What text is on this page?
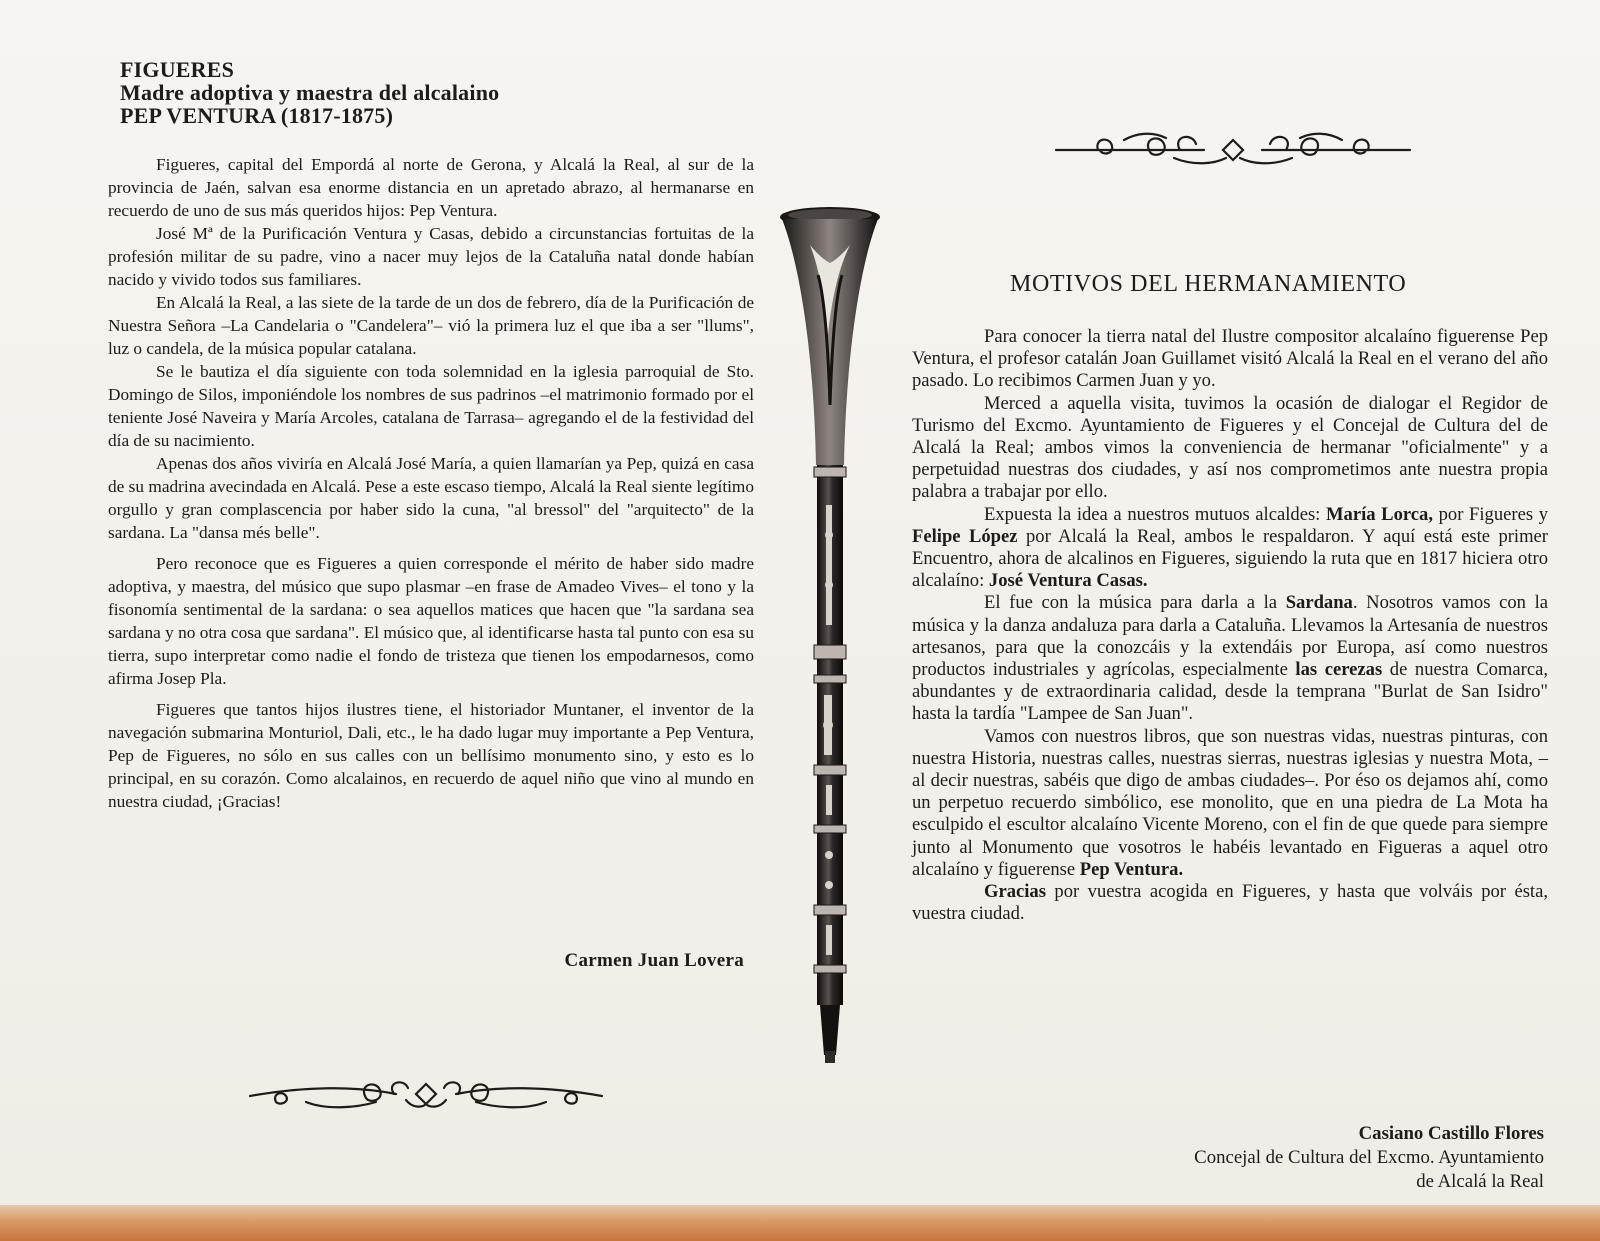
FIGUERES
Madre adoptiva y maestra del alcalaino
PEP VENTURA (1817-1875)

Figueres, capital del Empordá al norte de Gerona, y Alcalá la Real, al sur de la provincia de Jaén, salvan esa enorme distancia en un apretado abrazo, al hermanarse en recuerdo de uno de sus más queridos hijos: Pep Ventura.

José Mª de la Purificación Ventura y Casas, debido a circunstancias fortuitas de la profesión militar de su padre, vino a nacer muy lejos de la Cataluña natal donde habían nacido y vivido todos sus familiares.

En Alcalá la Real, a las siete de la tarde de un dos de febrero, día de la Purificación de Nuestra Señora –La Candelaria o "Candelera"– vió la primera luz el que iba a ser "llums", luz o candela, de la música popular catalana.

Se le bautiza el día siguiente con toda solemnidad en la iglesia parroquial de Sto. Domingo de Silos, imponiéndole los nombres de sus padrinos –el matrimonio formado por el teniente José Naveira y María Arcoles, catalana de Tarrasa– agregando el de la festividad del día de su nacimiento.

Apenas dos años viviría en Alcalá José María, a quien llamarían ya Pep, quizá en casa de su madrina avecindada en Alcalá. Pese a este escaso tiempo, Alcalá la Real siente legítimo orgullo y gran complascencia por haber sido la cuna, "al bressol" del "arquitecto" de la sardana. La "dansa més belle".

Pero reconoce que es Figueres a quien corresponde el mérito de haber sido madre adoptiva, y maestra, del músico que supo plasmar –en frase de Amadeo Vives– el tono y la fisonomía sentimental de la sardana: o sea aquellos matices que hacen que "la sardana sea sardana y no otra cosa que sardana". El músico que, al identificarse hasta tal punto con esa su tierra, supo interpretar como nadie el fondo de tristeza que tienen los empodarnesos, como afirma Josep Pla.

Figueres que tantos hijos ilustres tiene, el historiador Muntaner, el inventor de la navegación submarina Monturiol, Dali, etc., le ha dado lugar muy importante a Pep Ventura, Pep de Figueres, no sólo en sus calles con un bellísimo monumento sino, y esto es lo principal, en su corazón. Como alcalainos, en recuerdo de aquel niño que vino al mundo en nuestra ciudad, ¡Gracias!

Carmen Juan Lovera
MOTIVOS DEL HERMANAMIENTO

Para conocer la tierra natal del Ilustre compositor alcalaíno figuerense Pep Ventura, el profesor catalán Joan Guillamet visitó Alcalá la Real en el verano del año pasado. Lo recibimos Carmen Juan y yo.

Merced a aquella visita, tuvimos la ocasión de dialogar el Regidor de Turismo del Excmo. Ayuntamiento de Figueres y el Concejal de Cultura del de Alcalá la Real; ambos vimos la conveniencia de hermanar "oficialmente" y a perpetuidad nuestras dos ciudades, y así nos comprometimos ante nuestra propia palabra a trabajar por ello.

Expuesta la idea a nuestros mutuos alcaldes: María Lorca, por Figueres y Felipe López por Alcalá la Real, ambos le respaldaron. Y aquí está este primer Encuentro, ahora de alcalinos en Figueres, siguiendo la ruta que en 1817 hiciera otro alcalaíno: José Ventura Casas.

El fue con la música para darla a la Sardana. Nosotros vamos con la música y la danza andaluza para darla a Cataluña. Llevamos la Artesanía de nuestros artesanos, para que la conozcáis y la extendáis por Europa, así como nuestros productos industriales y agrícolas, especialmente las cerezas de nuestra Comarca, abundantes y de extraordinaria calidad, desde la temprana "Burlat de San Isidro" hasta la tardía "Lampee de San Juan".

Vamos con nuestros libros, que son nuestras vidas, nuestras pinturas, con nuestra Historia, nuestras calles, nuestras sierras, nuestras iglesias y nuestra Mota, –al decir nuestras, sabéis que digo de ambas ciudades–. Por éso os dejamos ahí, como un perpetuo recuerdo simbólico, ese monolito, que en una piedra de La Mota ha esculpido el escultor alcalaíno Vicente Moreno, con el fin de que quede para siempre junto al Monumento que vosotros le habéis levantado en Figueras a aquel otro alcalaíno y figuerense Pep Ventura.

Gracias por vuestra acogida en Figueres, y hasta que volváis por ésta, vuestra ciudad.

Casiano Castillo Flores
Concejal de Cultura del Excmo. Ayuntamiento
de Alcalá la Real
